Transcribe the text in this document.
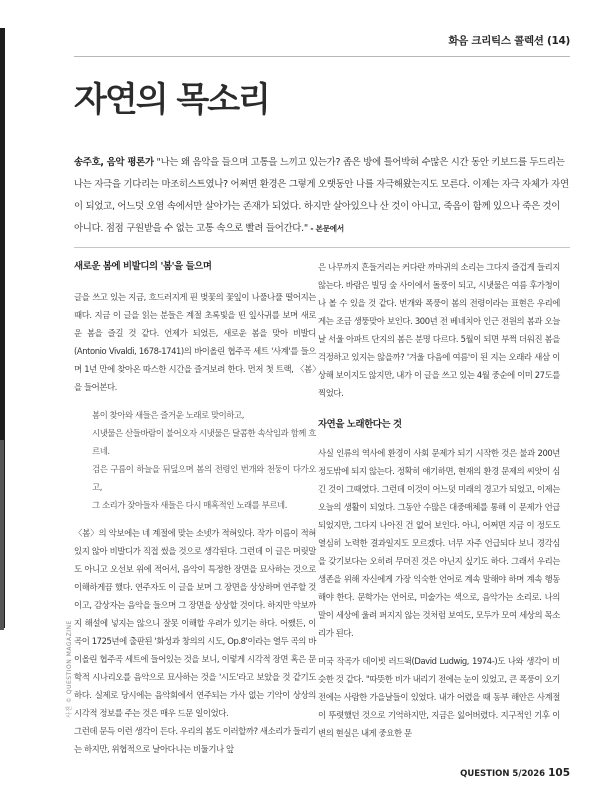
화음 크리틱스 콜렉션 (14)
자연의 목소리

송주호, 음악 평론가 "나는 왜 음악을 들으며 고통을 느끼고 있는가? 좁은 방에 틀어박혀 수많은 시간 동안 키보드를 두드리는 나는 자극을 기다리는 마조히스트였나? 어쩌면 환경은 그렇게 오랫동안 나를 자극해왔는지도 모른다. 이제는 자극 자체가 자연이 되었고, 어느덧 오염 속에서만 살아가는 존재가 되었다. 하지만 살아있으나 산 것이 아니고, 죽음이 함께 있으나 죽은 것이 아니다. 점점 구원받을 수 없는 고통 속으로 빨려 들어간다." - 본문에서

새로운 봄에 비발디의 '봄'을 들으며

글을 쓰고 있는 지금, 흐드러지게 핀 벚꽃의 꽃잎이 나풀나풀 떨어지는 때다. 지금 이 글을 읽는 분들은 계절 초록빛을 띤 잎사귀를 보며 새로운 봄을 즐길 것 같다. 언제가 되었든, 새로운 봄을 맞아 비발디(Antonio Vivaldi, 1678-1741)의 바이올린 협주곡 세트 '사계'를 들으며 1년 만에 찾아온 따스한 시간을 즐겨보려 한다. 먼저 첫 트랙, 〈봄〉을 들어본다.

봄이 찾아와 새들은 즐거운 노래로 맞이하고,

시냇물은 산들바람이 불어오자 시냇물은 달콤한 속삭임과 함께 흐르네.

검은 구름이 하늘을 뒤덮으며 봄의 전령인 번개와 천둥이 다가오고,

그 소리가 잦아들자 새들은 다시 매혹적인 노래를 부르네.

〈봄〉의 악보에는 네 계절에 맞는 소넷가 적혀있다. 작가 이름이 적혀있지 않아 비발디가 직접 썼을 것으로 생각된다. 그런데 이 글은 머릿말도 아니고 오선보 위에 적어서, 음악이 특정한 장면을 묘사하는 것으로 이해하게끔 했다. 연주자도 이 글을 보며 그 장면을 상상하며 연주할 것이고, 감상자는 음악을 들으며 그 장면을 상상할 것이다. 하지만 악보까지 해설에 넣지는 않으니 잘못 이해할 우려가 있기는 하다. 어쨌든, 이 곡이 1725년에 출판된 '화성과 창의의 시도, Op.8'이라는 열두 곡의 바이올린 협주곡 세트에 들어있는 것을 보니, 이렇게 시각적 장면 혹은 문학적 시나리오를 음악으로 묘사하는 것을 '시도'라고 보았을 것 같기도 하다. 실제로 당시에는 음악회에서 연주되는 가사 없는 기악이 상상의 시각적 정보를 주는 것은 매우 드문 일이었다.

그런데 문득 이런 생각이 든다. 우리의 봄도 이러할까? 새소리가 들리기는 하지만, 위협적으로 날아다니는 비둘기나 앞

은 나무까지 흔들거리는 커다란 까마귀의 소리는 그다지 즐겁게 들리지 않는다. 바람은 빌딩 숲 사이에서 돌풍이 되고, 시냇물은 여름 후가청이나 볼 수 있을 것 같다. 번개와 폭풍이 봄의 전령이라는 표현은 우리에게는 조금 생뚱맞아 보인다. 300년 전 베네치아 인근 전원의 봄과 오늘날 서울 아파트 단지의 봄은 분명 다르다. 5월이 되면 부쩍 더워진 봄을 걱정하고 있지는 않을까? '겨울 다음에 여름'이 된 지는 오래라 새삼 이상해 보이지도 않지만, 내가 이 글을 쓰고 있는 4월 중순에 이미 27도를 찍었다.

자연을 노래한다는 것

사실 인류의 역사에 환경이 사회 문제가 되기 시작한 것은 불과 200년 정도밖에 되지 않는다. 정확히 얘기하면, 현재의 환경 문제의 씨앗이 심긴 것이 그때였다. 그런데 이것이 어느덧 미래의 경고가 되었고, 이제는 오늘의 생활이 되었다. 그동안 수많은 대중매체를 통해 이 문제가 언급되었지만, 그다지 나아진 건 없어 보인다. 아니, 어쩌면 지금 이 정도도 열심히 노력한 결과일지도 모르겠다. 너무 자주 언급되다 보니 경각심을 갖기보다는 오히려 무뎌진 것은 아닌지 싶기도 하다. 그래서 우리는 생존을 위해 자신에게 가장 익숙한 언어로 계속 말해야 하며 계속 행동해야 한다. 문학가는 언어로, 미술가는 색으로, 음악가는 소리로. 나의 말이 세상에 울려 퍼지지 않는 것처럼 보여도, 모두가 모여 세상의 목소리가 된다.

미국 작곡가 데이빗 러드윅(David Ludwig, 1974-)도 나와 생각이 비슷한 것 같다. "따뜻한 비가 내리기 전에는 눈이 있었고, 큰 폭풍이 오기 전에는 사람한 가을날들이 있었다. 내가 어렸을 때 동부 해안은 사계절이 뚜렷했던 것으로 기억하지만, 지금은 잃어버렸다. 지구적인 기후 이변의 현실은 내게 중요한 문

사진 © QUESTION MAGAZINE
QUESTION 5/2026 105
